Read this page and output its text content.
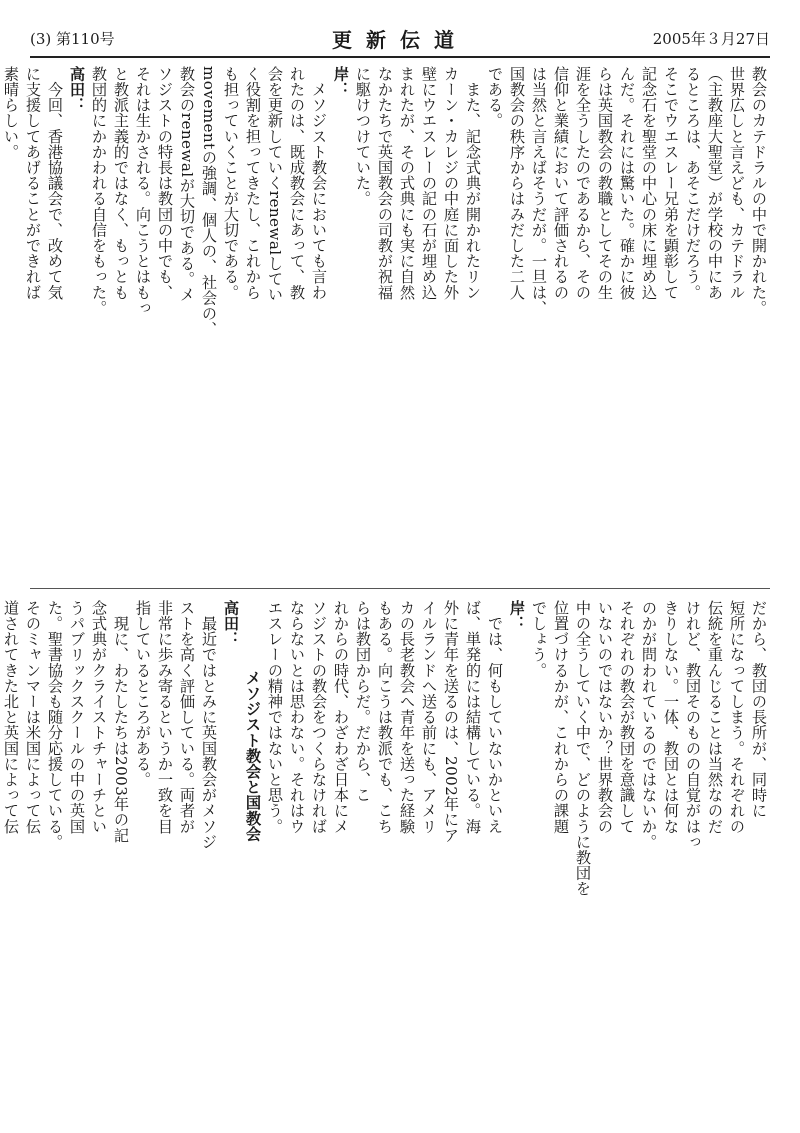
(3) 第110号	更新伝道	2005年３月27日
教会のカテドラルの中で開かれた。
世界広しと言えども、カテドラル
（主教座大聖堂）が学校の中にあ
るところは、あそこだけだろう。
そこでウエスレー兄弟を顕彰して
記念石を聖堂の中心の床に埋め込
んだ。それには驚いた。確かに彼
らは英国教会の教職としてその生
涯を全うしたのであるから、その
信仰と業績において評価されるの
は当然と言えばそうだが。一旦は、
国教会の秩序からはみだした二人
である。
　また、記念式典が開かれたリン
カーン・カレジの中庭に面した外
壁にウエスレーの記の石が埋め込
まれたが、その式典にも実に自然
なかたちで英国教会の司教が祝福
に駆けつけていた。
岸：
　メソジスト教会においても言わ
れたのは、既成教会にあって、教
会を更新していくrenewalしてい
く役割を担ってきたし、これから
も担っていくことが大切である。
movementの強調、個人の、社会の、
教会のrenewalが大切である。メ
ソジストの特長は教団の中でも、
それは生かされる。向こうとはもっ
と教派主義的ではなく、もっとも
教団的にかかわれる自信をもった。
高田：
　今回、香港協議会で、改めて気
に支援してあげることができれば
素晴らしい。
だから、教団の長所が、同時に
短所になってしまう。それぞれの
伝統を重んじることは当然なのだ
けれど、教団そのものの自覚がはっ
きりしない。一体、教団とは何な
のかが問われているのではないか。
それぞれの教会が教団を意識して
いないのではないか？世界教会の
中の全うしていく中で、どのように教団を
位置づけるかが、これからの課題
でしょう。
岸：
　では、何もしていないかといえ
ば、単発的には結構している。海
外に青年を送るのは、2002年にア
イルランドへ送る前にも、アメリ
カの長老教会へ青年を送った経験
もある。向こうは教派でも、こち
らは教団からだ。だから、こ
れからの時代、わざわざ日本にメ
ソジストの教会をつくらなければ
ならないとは思わない。それはウ
エスレーの精神ではないと思う。
メソジスト教会と国教会
高田：
　最近ではとみに英国教会がメソジ
ストを高く評価している。両者が
非常に歩み寄るというか一致を目
指しているところがある。
　現に、わたしたちは2003年の記
念式典がクライストチャーチとい
うパブリックスクールの中の英国
た。聖書協会も随分応援している。
そのミャンマーは米国によって伝
道されてきた北と英国によって伝
